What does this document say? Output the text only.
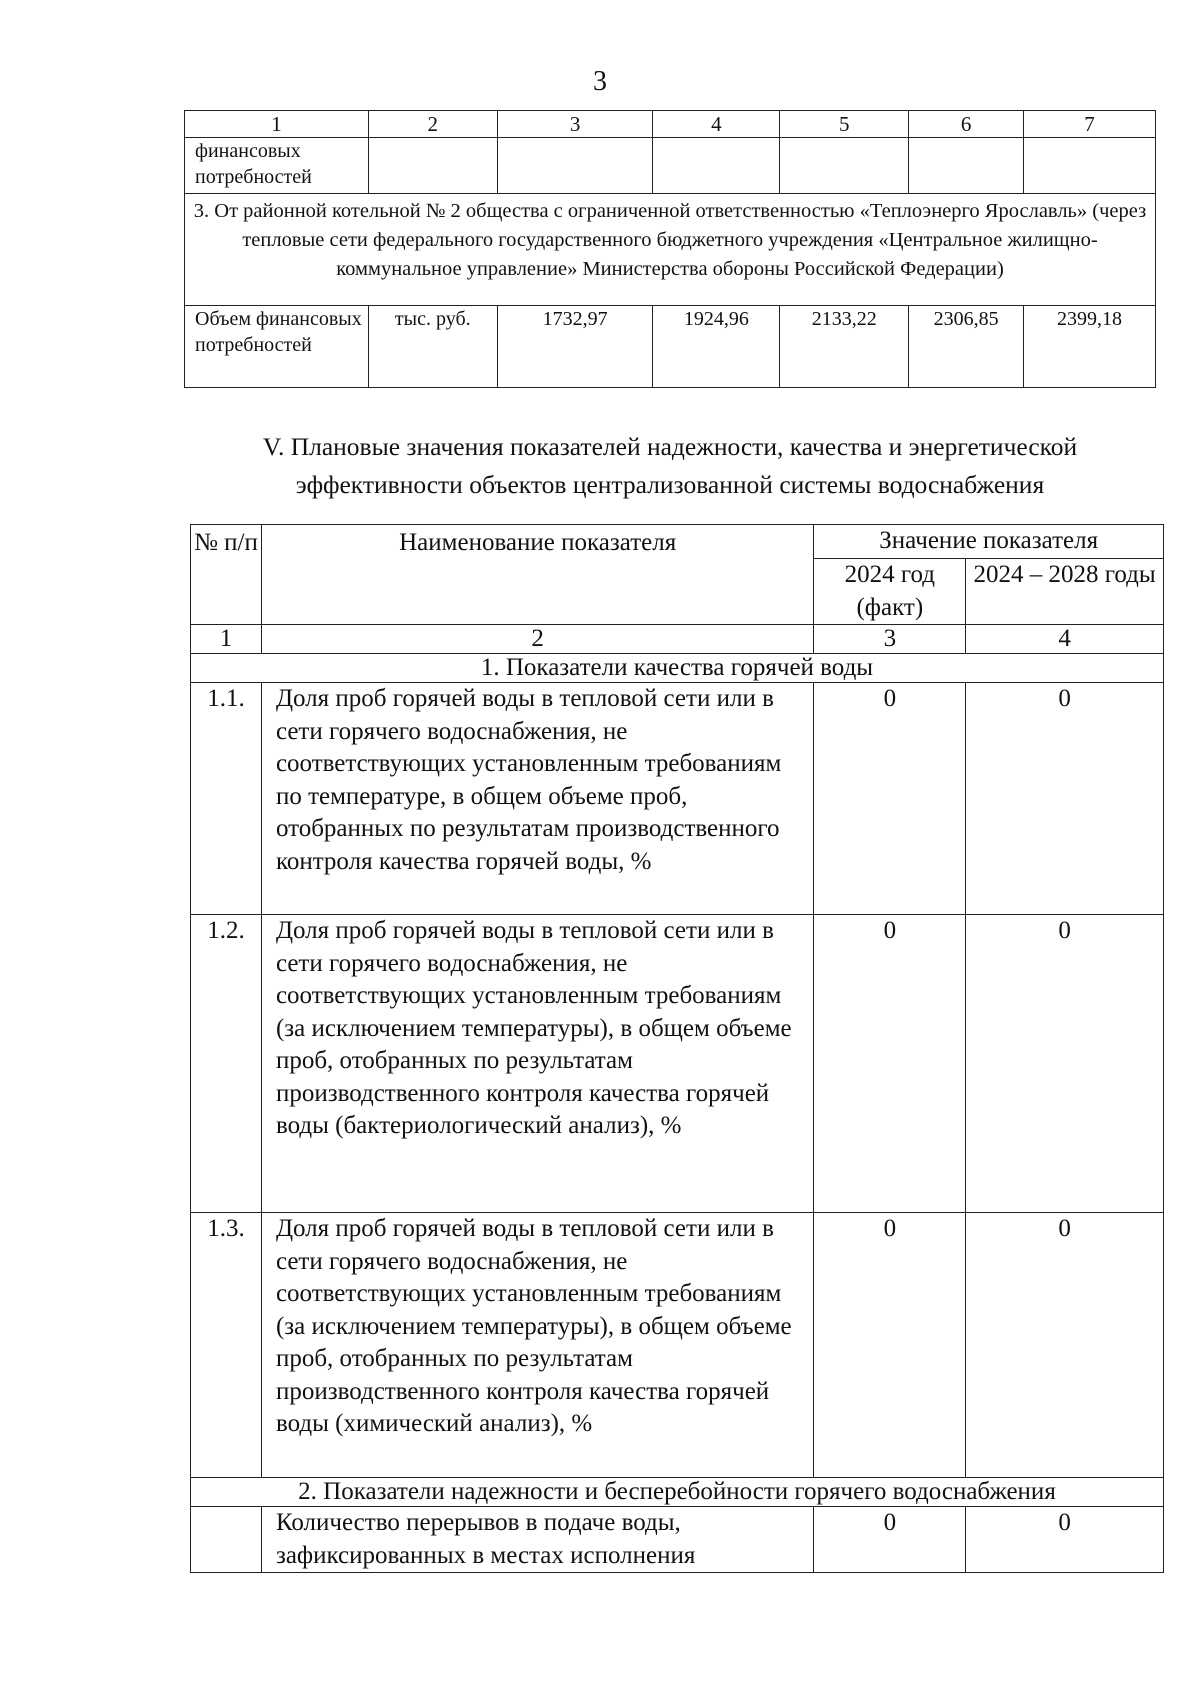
3
1	2	3	4	5	6	7
финансовых потребностей						
3. От районной котельной № 2 общества с ограниченной ответственностью «Теплоэнерго Ярославль» (через тепловые сети федерального государственного бюджетного учреждения «Центральное жилищно-коммунальное управление» Министерства обороны Российской Федерации)						
Объем финансовых потребностей	тыс. руб.	1732,97	1924,96	2133,22	2306,85	2399,18
V. Плановые значения показателей надежности, качества и энергетической
эффективности объектов централизованной системы водоснабжения
№ п/п	Наименование показателя	Значение показателя	
		2024 год (факт)	2024 – 2028 годы
1	2	3	4
1. Показатели качества горячей воды			
1.1.	Доля проб горячей воды в тепловой сети или в сети горячего водоснабжения, не соответствующих установленным требованиям по температуре, в общем объеме проб, отобранных по результатам производственного контроля качества горячей воды, %	0	0
1.2.	Доля проб горячей воды в тепловой сети или в сети горячего водоснабжения, не соответствующих установленным требованиям (за исключением температуры), в общем объеме проб, отобранных по результатам производственного контроля качества горячей воды (бактериологический анализ), %	0	0
1.3.	Доля проб горячей воды в тепловой сети или в сети горячего водоснабжения, не соответствующих установленным требованиям (за исключением температуры), в общем объеме проб, отобранных по результатам производственного контроля качества горячей воды (химический анализ), %	0	0
2. Показатели надежности и бесперебойности горячего водоснабжения			
	Количество перерывов в подаче воды, зафиксированных в местах исполнения	0	0
